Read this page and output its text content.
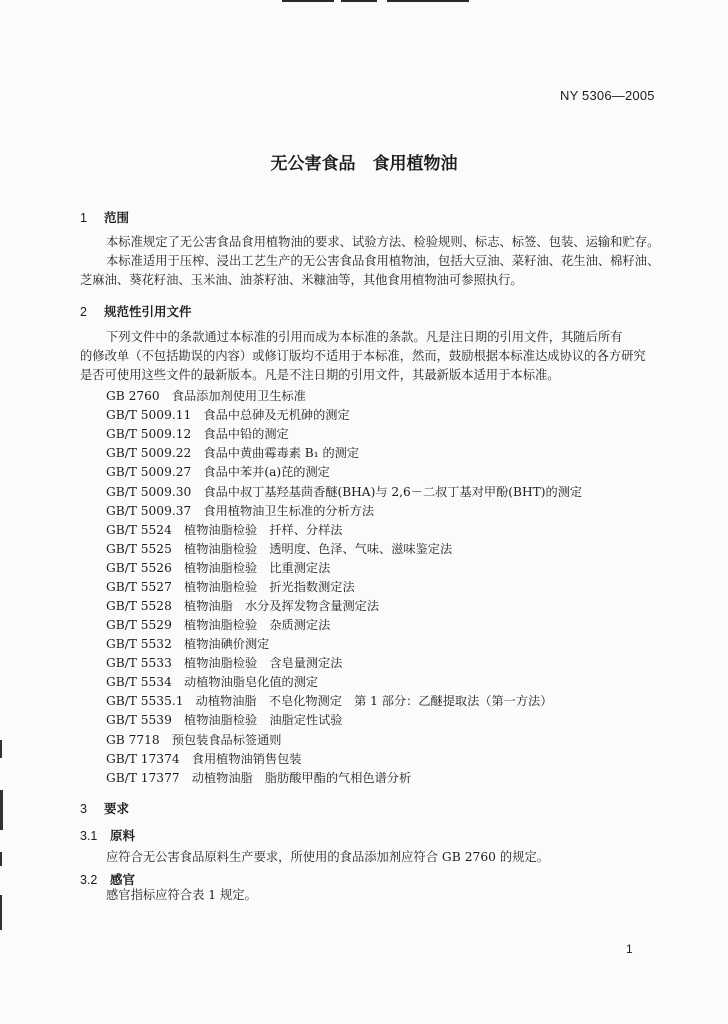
NY 5306—2005
无公害食品　食用植物油
1 范围
本标准规定了无公害食品食用植物油的要求、试验方法、检验规则、标志、标签、包装、运输和贮存。
本标准适用于压榨、浸出工艺生产的无公害食品食用植物油，包括大豆油、菜籽油、花生油、棉籽油、
芝麻油、葵花籽油、玉米油、油茶籽油、米糠油等，其他食用植物油可参照执行。
2 规范性引用文件
下列文件中的条款通过本标准的引用而成为本标准的条款。凡是注日期的引用文件，其随后所有
的修改单（不包括勘误的内容）或修订版均不适用于本标准，然而，鼓励根据本标准达成协议的各方研究
是否可使用这些文件的最新版本。凡是不注日期的引用文件，其最新版本适用于本标准。
GB 2760　食品添加剂使用卫生标准
GB/T 5009.11　食品中总砷及无机砷的测定
GB/T 5009.12　食品中铅的测定
GB/T 5009.22　食品中黄曲霉毒素 B₁ 的测定
GB/T 5009.27　食品中苯并(a)芘的测定
GB/T 5009.30　食品中叔丁基羟基茴香醚(BHA)与 2,6－二叔丁基对甲酚(BHT)的测定
GB/T 5009.37　食用植物油卫生标准的分析方法
GB/T 5524　植物油脂检验　扦样、分样法
GB/T 5525　植物油脂检验　透明度、色泽、气味、滋味鉴定法
GB/T 5526　植物油脂检验　比重测定法
GB/T 5527　植物油脂检验　折光指数测定法
GB/T 5528　植物油脂　水分及挥发物含量测定法
GB/T 5529　植物油脂检验　杂质测定法
GB/T 5532　植物油碘价测定
GB/T 5533　植物油脂检验　含皂量测定法
GB/T 5534　动植物油脂皂化值的测定
GB/T 5535.1　动植物油脂　不皂化物测定　第 1 部分：乙醚提取法（第一方法）
GB/T 5539　植物油脂检验　油脂定性试验
GB 7718　预包装食品标签通则
GB/T 17374　食用植物油销售包装
GB/T 17377　动植物油脂　脂肪酸甲酯的气相色谱分析
3 要求
3.1 原料
应符合无公害食品原料生产要求，所使用的食品添加剂应符合 GB 2760 的规定。
3.2 感官
感官指标应符合表 1 规定。
1
